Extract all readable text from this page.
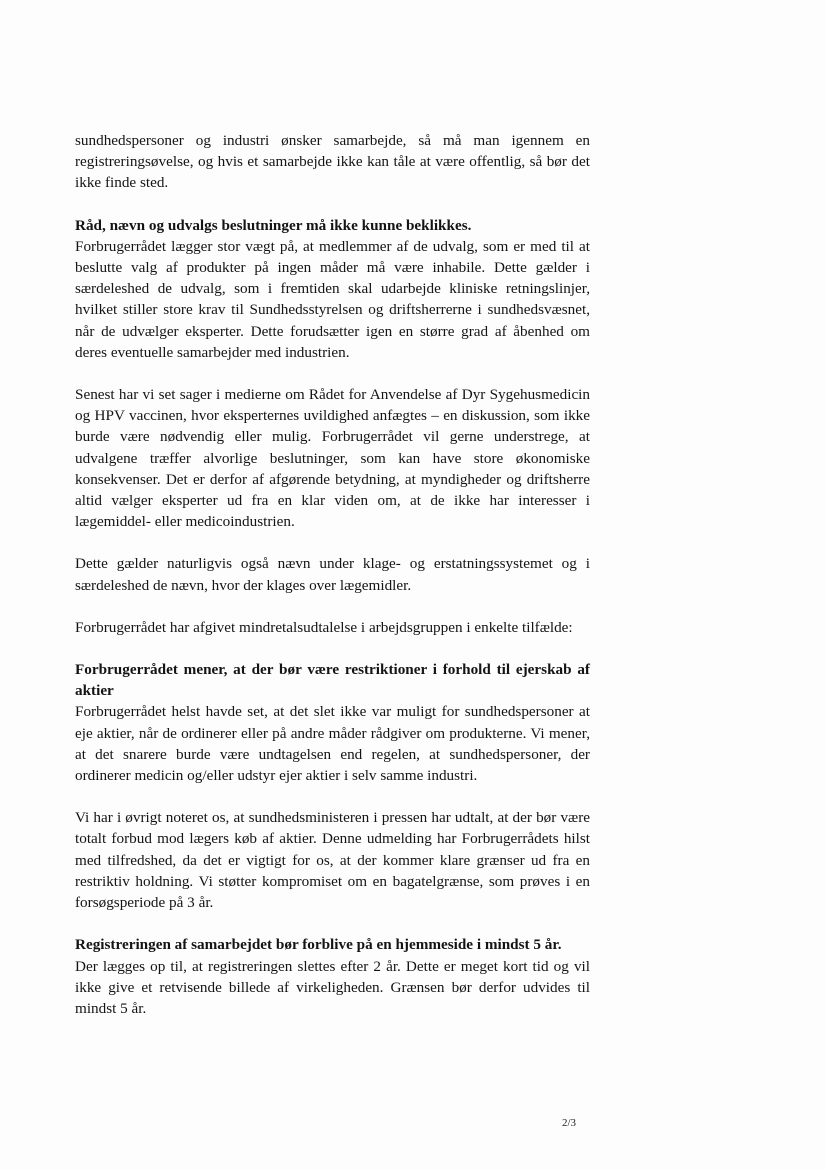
sundhedspersoner og industri ønsker samarbejde, så må man igennem en registreringsøvelse, og hvis et samarbejde ikke kan tåle at være offentlig, så bør det ikke finde sted.

Råd, nævn og udvalgs beslutninger må ikke kunne beklikkes.

Forbrugerrådet lægger stor vægt på, at medlemmer af de udvalg, som er med til at beslutte valg af produkter på ingen måder må være inhabile. Dette gælder i særdeleshed de udvalg, som i fremtiden skal udarbejde kliniske retningslinjer, hvilket stiller store krav til Sundhedsstyrelsen og driftsherrerne i sundhedsvæsnet, når de udvælger eksperter. Dette forudsætter igen en større grad af åbenhed om deres eventuelle samarbejder med industrien.

Senest har vi set sager i medierne om Rådet for Anvendelse af Dyr Sygehusmedicin og HPV vaccinen, hvor eksperternes uvildighed anfægtes – en diskussion, som ikke burde være nødvendig eller mulig. Forbrugerrådet vil gerne understrege, at udvalgene træffer alvorlige beslutninger, som kan have store økonomiske konsekvenser. Det er derfor af afgørende betydning, at myndigheder og driftsherre altid vælger eksperter ud fra en klar viden om, at de ikke har interesser i lægemiddel- eller medicoindustrien.

Dette gælder naturligvis også nævn under klage- og erstatningssystemet og i særdeleshed de nævn, hvor der klages over lægemidler.

Forbrugerrådet har afgivet mindretalsudtalelse i arbejdsgruppen i enkelte tilfælde:

Forbrugerrådet mener, at der bør være restriktioner i forhold til ejerskab af aktier

Forbrugerrådet helst havde set, at det slet ikke var muligt for sundhedspersoner at eje aktier, når de ordinerer eller på andre måder rådgiver om produkterne. Vi mener, at det snarere burde være undtagelsen end regelen, at sundhedspersoner, der ordinerer medicin og/eller udstyr ejer aktier i selv samme industri.

Vi har i øvrigt noteret os, at sundhedsministeren i pressen har udtalt, at der bør være totalt forbud mod lægers køb af aktier. Denne udmelding har Forbrugerrådets hilst med tilfredshed, da det er vigtigt for os, at der kommer klare grænser ud fra en restriktiv holdning. Vi støtter kompromiset om en bagatelgrænse, som prøves i en forsøgsperiode på 3 år.

Registreringen af samarbejdet bør forblive på en hjemmeside i mindst 5 år.

Der lægges op til, at registreringen slettes efter 2 år. Dette er meget kort tid og vil ikke give et retvisende billede af virkeligheden. Grænsen bør derfor udvides til mindst 5 år.

2/3
